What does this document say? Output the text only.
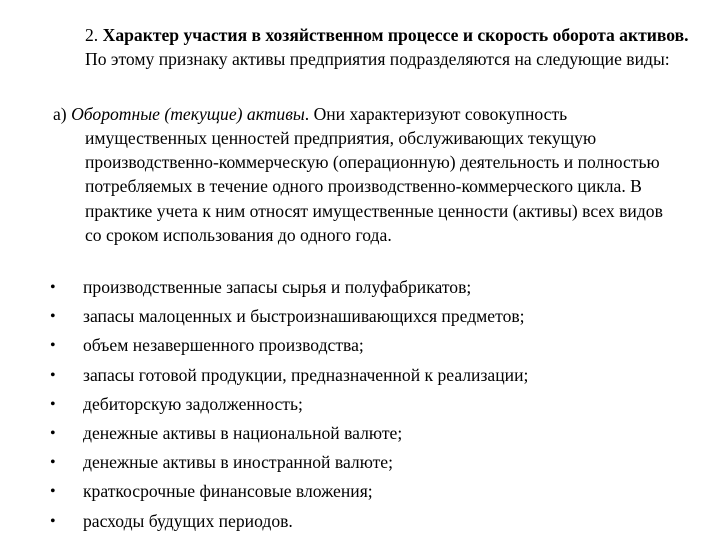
2. Характер участия в хозяйственном процессе и скорость оборота активов. По этому признаку активы предприятия подразделяются на следующие виды:

а) Оборотные (текущие) активы. Они характеризуют совокупность имущественных ценностей предприятия, обслуживающих текущую производственно-коммерческую (операционную) деятельность и полностью потребляемых в течение одного производственно-коммерческого цикла. В практике учета к ним относят имущественные ценности (активы) всех видов со сроком использования до одного года.

•	производственные запасы сырья и полуфабрикатов;
•	запасы малоценных и быстроизнашивающихся предметов;
•	объем незавершенного производства;
•	запасы готовой продукции, предназначенной к реализации;
•	дебиторскую задолженность;
•	денежные активы в национальной валюте;
•	денежные активы в иностранной валюте;
•	краткосрочные финансовые вложения;
•	расходы будущих периодов.
